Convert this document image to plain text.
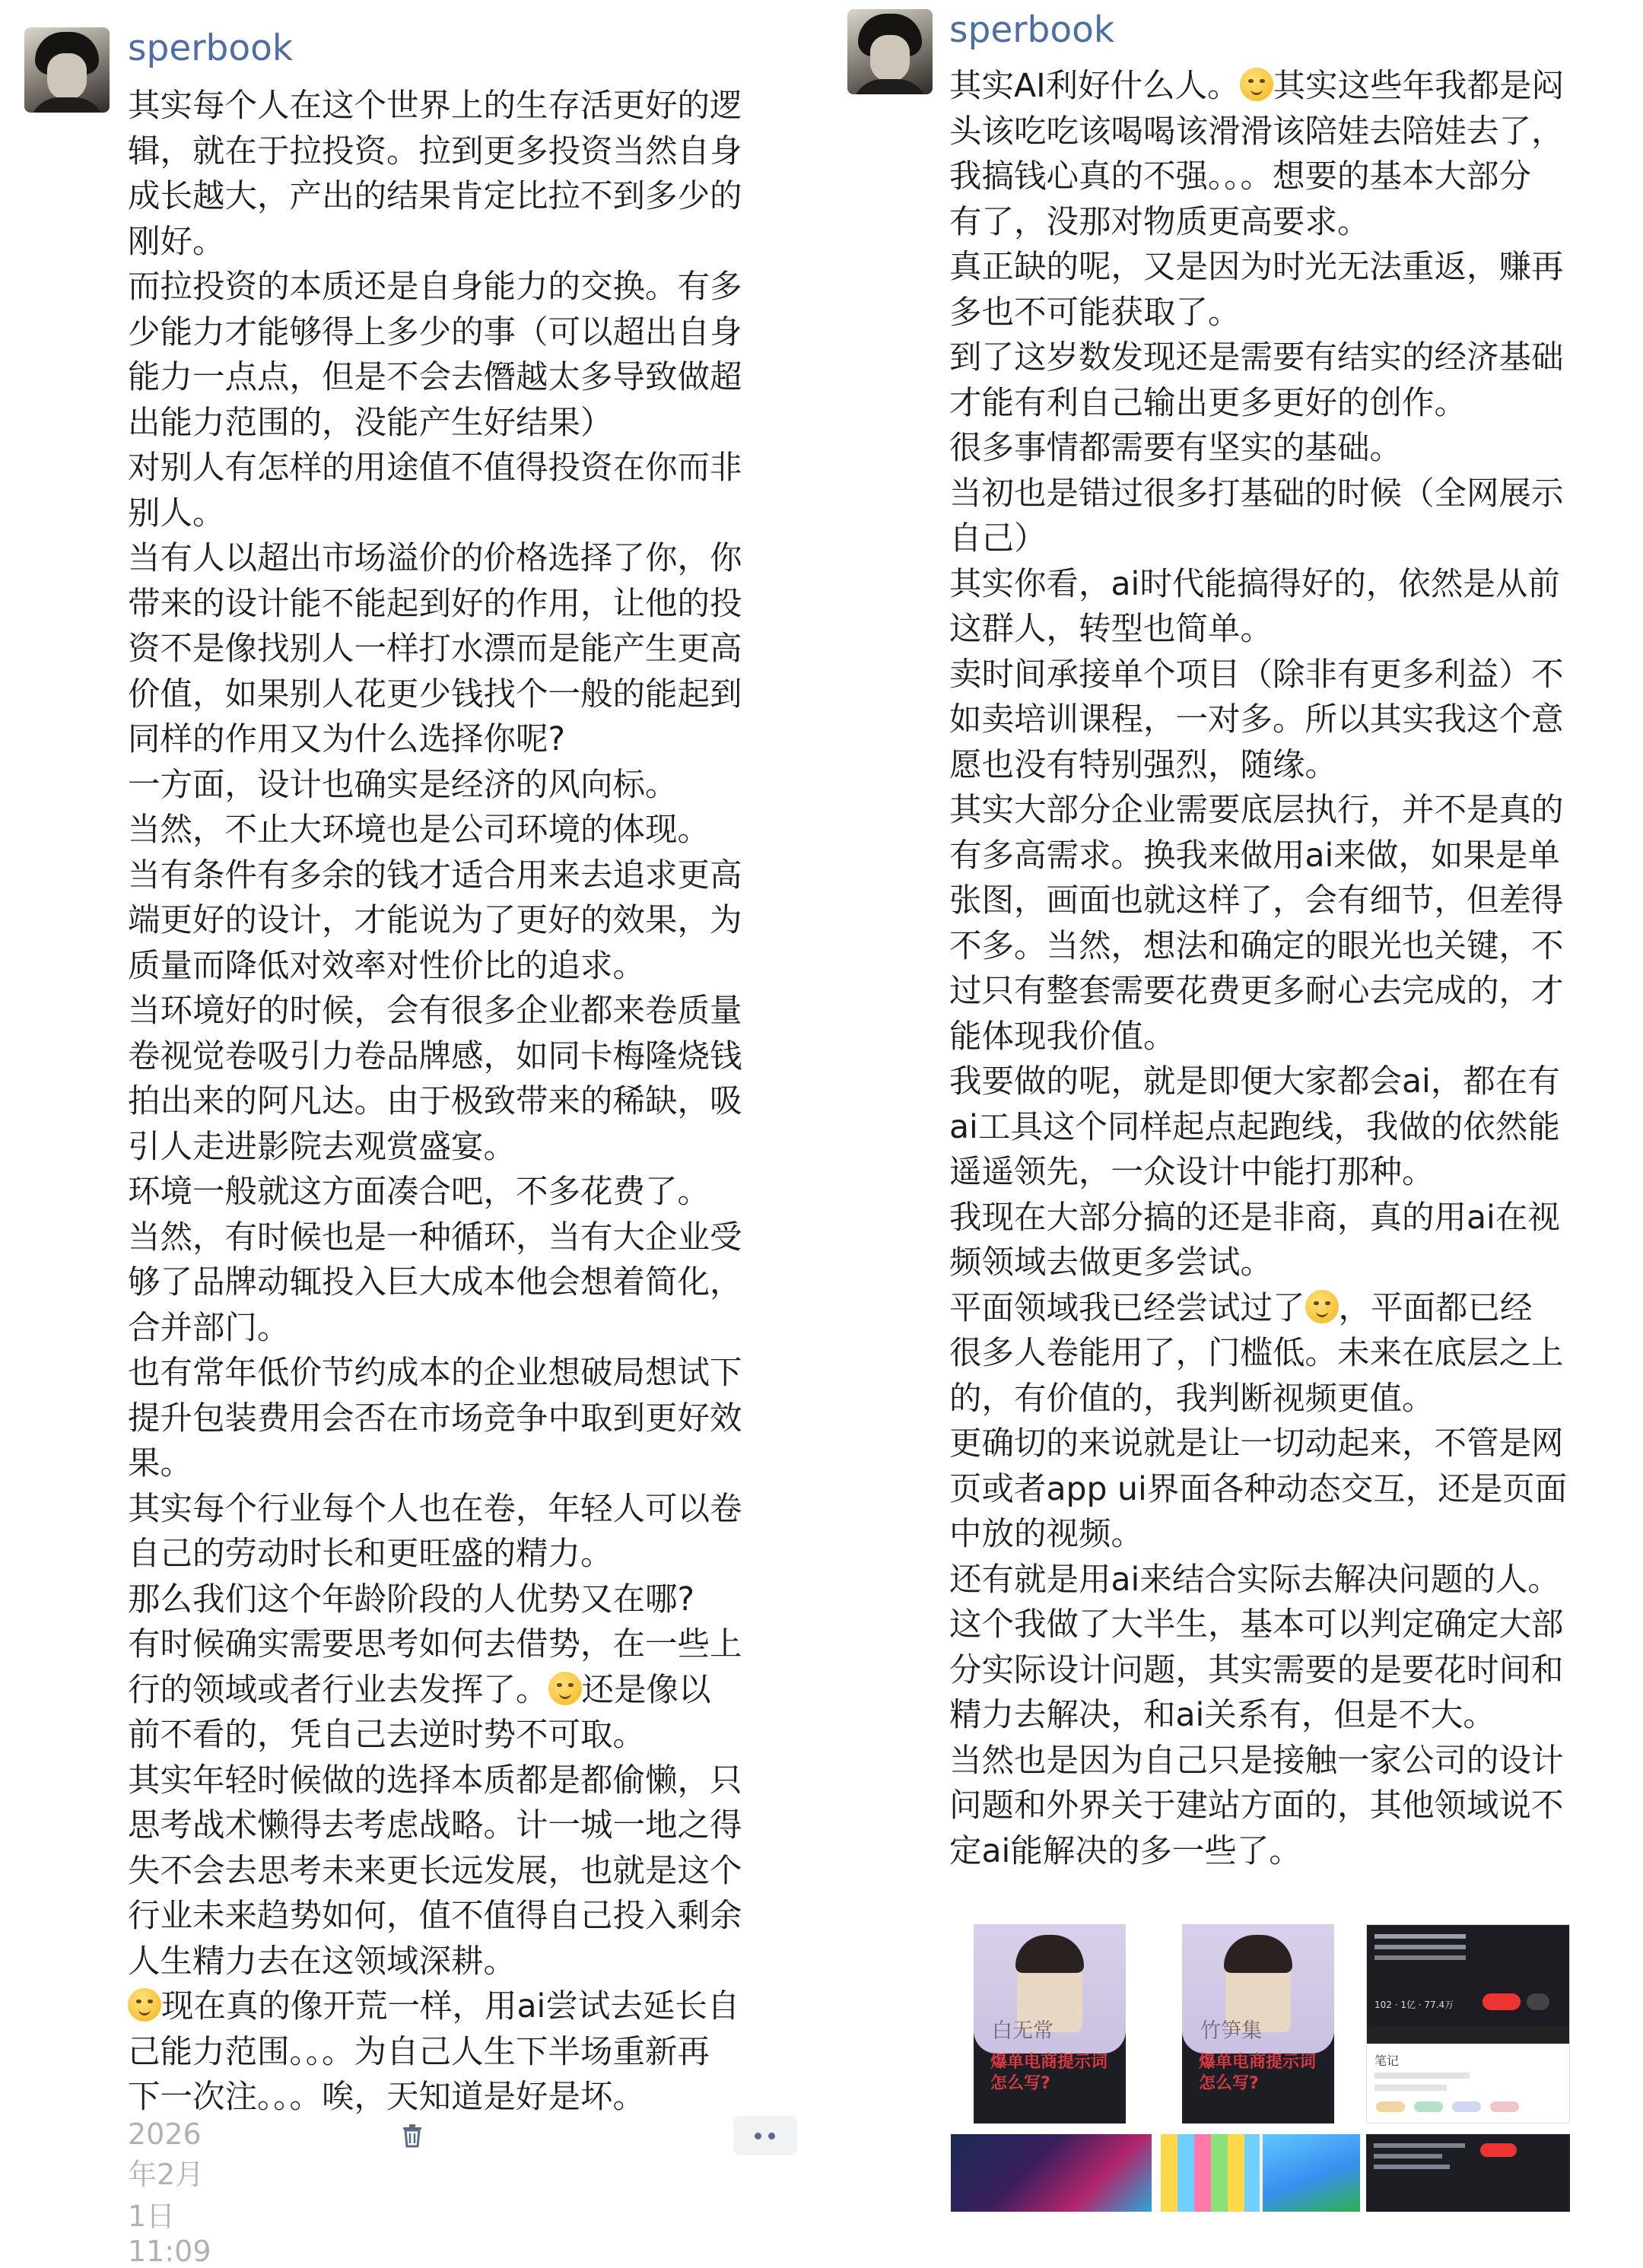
sperbook

其实每个人在这个世界上的生存活更好的逻

辑，就在于拉投资。拉到更多投资当然自身

成长越大，产出的结果肯定比拉不到多少的

刚好。

而拉投资的本质还是自身能力的交换。有多

少能力才能够得上多少的事（可以超出自身

能力一点点，但是不会去僭越太多导致做超

出能力范围的，没能产生好结果）

对别人有怎样的用途值不值得投资在你而非

别人。

当有人以超出市场溢价的价格选择了你，你

带来的设计能不能起到好的作用，让他的投

资不是像找别人一样打水漂而是能产生更高

价值，如果别人花更少钱找个一般的能起到

同样的作用又为什么选择你呢?

一方面，设计也确实是经济的风向标。

当然，不止大环境也是公司环境的体现。

当有条件有多余的钱才适合用来去追求更高

端更好的设计，才能说为了更好的效果，为

质量而降低对效率对性价比的追求。

当环境好的时候，会有很多企业都来卷质量

卷视觉卷吸引力卷品牌感，如同卡梅隆烧钱

拍出来的阿凡达。由于极致带来的稀缺，吸

引人走进影院去观赏盛宴。

环境一般就这方面凑合吧，不多花费了。

当然，有时候也是一种循环，当有大企业受

够了品牌动辄投入巨大成本他会想着简化，

合并部门。

也有常年低价节约成本的企业想破局想试下

提升包装费用会否在市场竞争中取到更好效

果。

其实每个行业每个人也在卷，年轻人可以卷

自己的劳动时长和更旺盛的精力。

那么我们这个年龄阶段的人优势又在哪?

有时候确实需要思考如何去借势，在一些上

行的领域或者行业去发挥了。 还是像以

前不看的，凭自己去逆时势不可取。

其实年轻时候做的选择本质都是都偷懒，只

思考战术懒得去考虑战略。计一城一地之得

失不会去思考未来更长远发展，也就是这个

行业未来趋势如何，值不值得自己投入剩余

人生精力去在这领域深耕。

现在真的像开荒一样，用ai尝试去延长自

己能力范围。。。为自己人生下半场重新再

下一次注。。。唉，天知道是好是坏。

2026年2月1日 11:09
sperbook

其实AI利好什么人。 其实这些年我都是闷

头该吃吃该喝喝该滑滑该陪娃去陪娃去了，

我搞钱心真的不强。。。想要的基本大部分

有了，没那对物质更高要求。

真正缺的呢，又是因为时光无法重返，赚再

多也不可能获取了。

到了这岁数发现还是需要有结实的经济基础

才能有利自己输出更多更好的创作。

很多事情都需要有坚实的基础。

当初也是错过很多打基础的时候（全网展示

自己）

其实你看，ai时代能搞得好的，依然是从前

这群人，转型也简单。

卖时间承接单个项目（除非有更多利益）不

如卖培训课程，一对多。所以其实我这个意

愿也没有特别强烈，随缘。

其实大部分企业需要底层执行，并不是真的

有多高需求。换我来做用ai来做，如果是单

张图，画面也就这样了，会有细节，但差得

不多。当然，想法和确定的眼光也关键，不

过只有整套需要花费更多耐心去完成的，才

能体现我价值。

我要做的呢，就是即便大家都会ai，都在有

ai工具这个同样起点起跑线，我做的依然能

遥遥领先，一众设计中能打那种。

我现在大部分搞的还是非商，真的用ai在视

频领域去做更多尝试。

平面领域我已经尝试过了 ，平面都已经

很多人卷能用了，门槛低。未来在底层之上

的，有价值的，我判断视频更值。

更确切的来说就是让一切动起来，不管是网

页或者app ui界面各种动态交互，还是页面

中放的视频。

还有就是用ai来结合实际去解决问题的人。

这个我做了大半生，基本可以判定确定大部

分实际设计问题，其实需要的是要花时间和

精力去解决，和ai关系有，但是不大。

当然也是因为自己只是接触一家公司的设计

问题和外界关于建站方面的，其他领域说不

定ai能解决的多一些了。

白无常
爆单电商提示词
怎么写?
竹笋集
爆单电商提示词
怎么写?
102 · 1亿 · 77.4万
笔记
